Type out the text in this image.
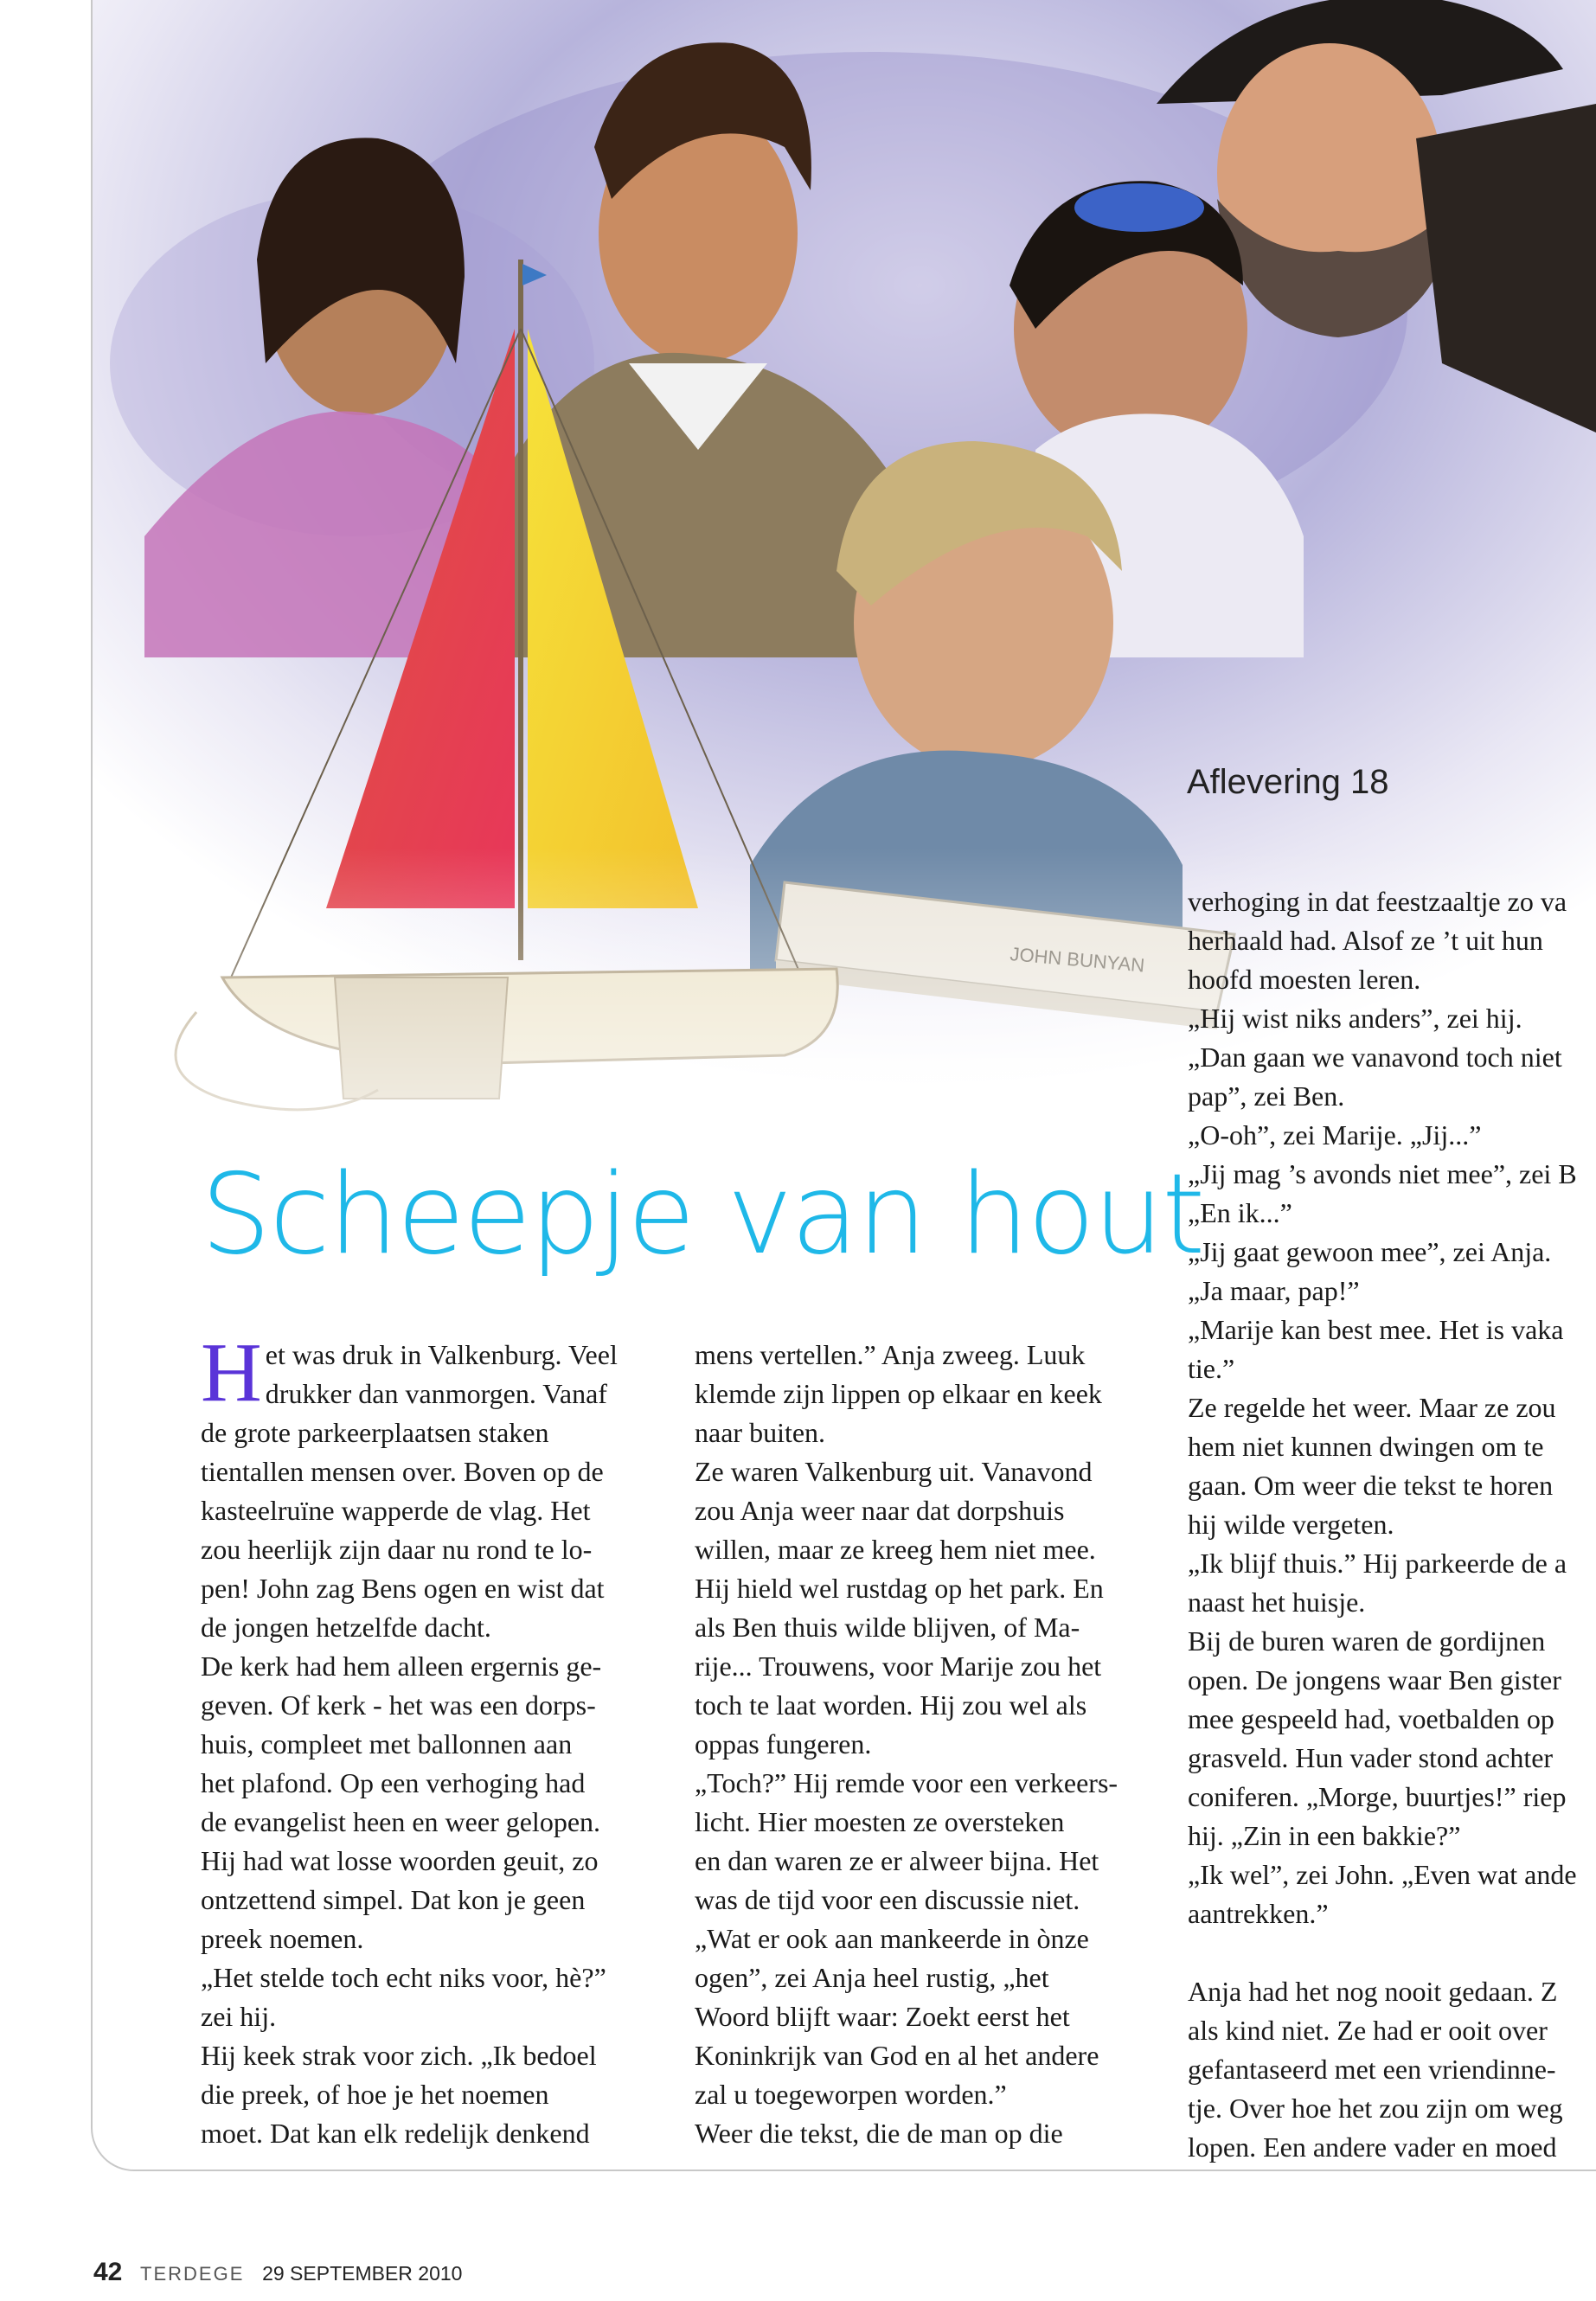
Aflevering 18
Scheepje van hout
H et was druk in Valkenburg. Veel

drukker dan vanmorgen. Vanaf

de grote parkeerplaatsen staken

tientallen mensen over. Boven op de

kasteelruïne wapperde de vlag. Het

zou heerlijk zijn daar nu rond te lo-

pen! John zag Bens ogen en wist dat

de jongen hetzelfde dacht.

De kerk had hem alleen ergernis ge-

geven. Of kerk - het was een dorps-

huis, compleet met ballonnen aan

het plafond. Op een verhoging had

de evangelist heen en weer gelopen.

Hij had wat losse woorden geuit, zo

ontzettend simpel. Dat kon je geen

preek noemen.

„Het stelde toch echt niks voor, hè?”

zei hij.

Hij keek strak voor zich. „Ik bedoel

die preek, of hoe je het noemen

moet. Dat kan elk redelijk denkend

mens vertellen.” Anja zweeg. Luuk

klemde zijn lippen op elkaar en keek

naar buiten.

Ze waren Valkenburg uit. Vanavond

zou Anja weer naar dat dorpshuis

willen, maar ze kreeg hem niet mee.

Hij hield wel rustdag op het park. En

als Ben thuis wilde blijven, of Ma-

rije... Trouwens, voor Marije zou het

toch te laat worden. Hij zou wel als

oppas fungeren.

„Toch?” Hij remde voor een verkeers-

licht. Hier moesten ze oversteken

en dan waren ze er alweer bijna. Het

was de tijd voor een discussie niet.

„Wat er ook aan mankeerde in ònze

ogen”, zei Anja heel rustig, „het

Woord blijft waar: Zoekt eerst het

Koninkrijk van God en al het andere

zal u toegeworpen worden.”

Weer die tekst, die de man op die

verhoging in dat feestzaaltje zo va

herhaald had. Alsof ze ’t uit hun

hoofd moesten leren.

„Hij wist niks anders”, zei hij.

„Dan gaan we vanavond toch niet

pap”, zei Ben.

„O-oh”, zei Marije. „Jij...”

„Jij mag ’s avonds niet mee”, zei B

„En ik...”

„Jij gaat gewoon mee”, zei Anja.

„Ja maar, pap!”

„Marije kan best mee. Het is vaka

tie.”

Ze regelde het weer. Maar ze zou

hem niet kunnen dwingen om te

gaan. Om weer die tekst te horen

hij wilde vergeten.

„Ik blijf thuis.” Hij parkeerde de a

naast het huisje.

Bij de buren waren de gordijnen

open. De jongens waar Ben gister

mee gespeeld had, voetbalden op

grasveld. Hun vader stond achter

coniferen. „Morge, buurtjes!” riep

hij. „Zin in een bakkie?”

„Ik wel”, zei John. „Even wat ande

aantrekken.”

Anja had het nog nooit gedaan. Z

als kind niet. Ze had er ooit over

gefantaseerd met een vriendinne-

tje. Over hoe het zou zijn om weg

lopen. Een andere vader en moed

42 TERDEGE 29 SEPTEMBER 2010
